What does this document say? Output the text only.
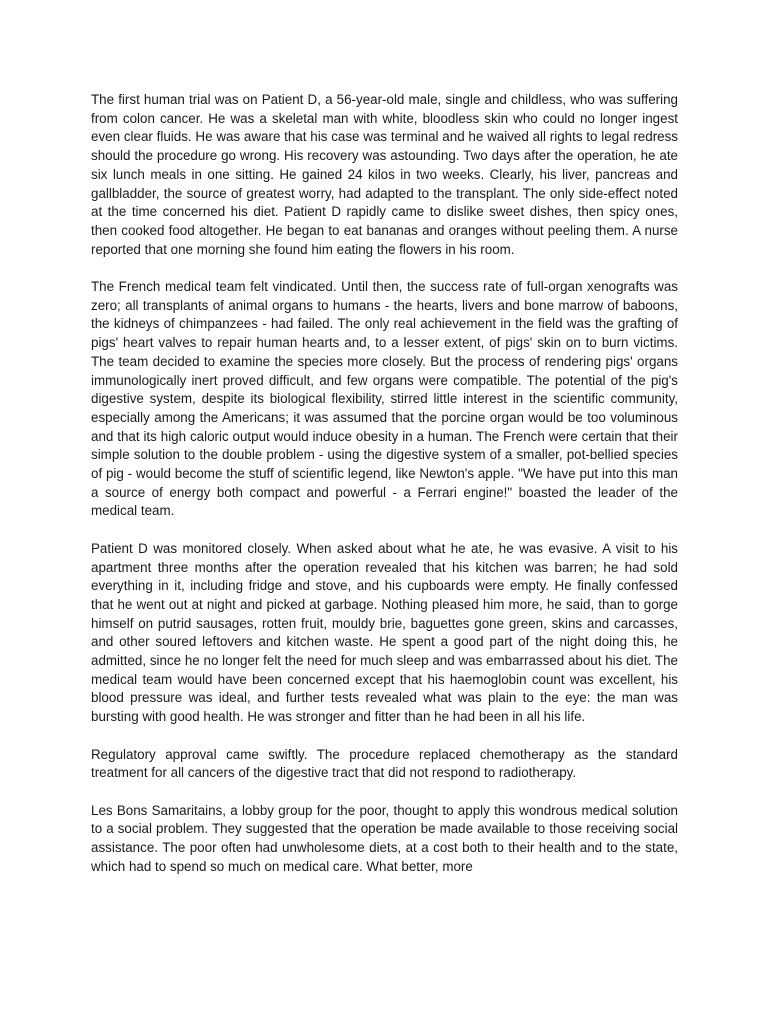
The first human trial was on Patient D, a 56-year-old male, single and childless, who was suffering from colon cancer. He was a skeletal man with white, bloodless skin who could no longer ingest even clear fluids. He was aware that his case was terminal and he waived all rights to legal redress should the procedure go wrong. His recovery was astounding. Two days after the operation, he ate six lunch meals in one sitting. He gained 24 kilos in two weeks. Clearly, his liver, pancreas and gallbladder, the source of greatest worry, had adapted to the transplant. The only side-effect noted at the time concerned his diet. Patient D rapidly came to dislike sweet dishes, then spicy ones, then cooked food altogether. He began to eat bananas and oranges without peeling them. A nurse reported that one morning she found him eating the flowers in his room.

The French medical team felt vindicated. Until then, the success rate of full-organ xenografts was zero; all transplants of animal organs to humans - the hearts, livers and bone marrow of baboons, the kidneys of chimpanzees - had failed. The only real achievement in the field was the grafting of pigs' heart valves to repair human hearts and, to a lesser extent, of pigs' skin on to burn victims. The team decided to examine the species more closely. But the process of rendering pigs' organs immunologically inert proved difficult, and few organs were compatible. The potential of the pig's digestive system, despite its biological flexibility, stirred little interest in the scientific community, especially among the Americans; it was assumed that the porcine organ would be too voluminous and that its high caloric output would induce obesity in a human. The French were certain that their simple solution to the double problem - using the digestive system of a smaller, pot-bellied species of pig - would become the stuff of scientific legend, like Newton's apple. "We have put into this man a source of energy both compact and powerful - a Ferrari engine!" boasted the leader of the medical team.

Patient D was monitored closely. When asked about what he ate, he was evasive. A visit to his apartment three months after the operation revealed that his kitchen was barren; he had sold everything in it, including fridge and stove, and his cupboards were empty. He finally confessed that he went out at night and picked at garbage. Nothing pleased him more, he said, than to gorge himself on putrid sausages, rotten fruit, mouldy brie, baguettes gone green, skins and carcasses, and other soured leftovers and kitchen waste. He spent a good part of the night doing this, he admitted, since he no longer felt the need for much sleep and was embarrassed about his diet. The medical team would have been concerned except that his haemoglobin count was excellent, his blood pressure was ideal, and further tests revealed what was plain to the eye: the man was bursting with good health. He was stronger and fitter than he had been in all his life.

Regulatory approval came swiftly. The procedure replaced chemotherapy as the standard treatment for all cancers of the digestive tract that did not respond to radiotherapy.

Les Bons Samaritains, a lobby group for the poor, thought to apply this wondrous medical solution to a social problem. They suggested that the operation be made available to those receiving social assistance. The poor often had unwholesome diets, at a cost both to their health and to the state, which had to spend so much on medical care. What better, more
